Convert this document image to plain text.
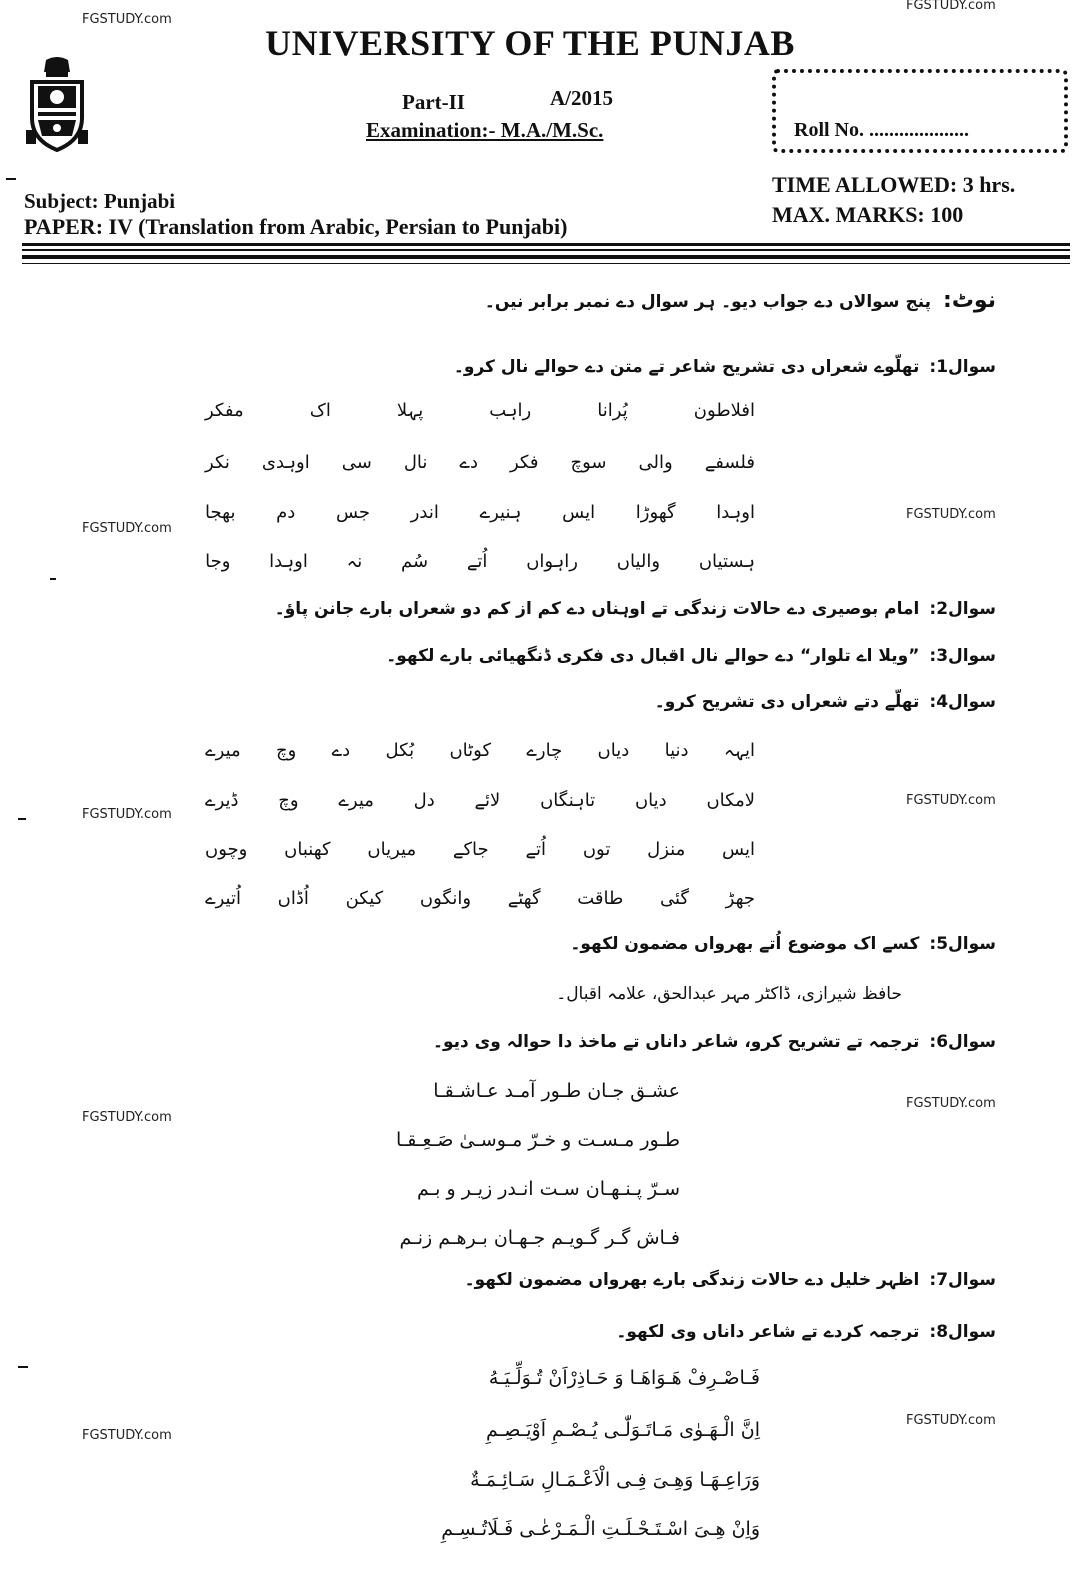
FGSTUDY.com
FGSTUDY.com
FGSTUDY.com
FGSTUDY.com
FGSTUDY.com
FGSTUDY.com
FGSTUDY.com
FGSTUDY.com
FGSTUDY.com
FGSTUDY.com
UNIVERSITY OF THE PUNJAB
Part-II	A/2015
Examination:- M.A./M.Sc.	Roll No. ....................
Subject: Punjabi
PAPER: IV (Translation from Arabic, Persian to Punjabi)
TIME ALLOWED: 3 hrs.
MAX. MARKS: 100
نوٹ:پنج سوالاں دے جواب دیو۔ ہر سوال دے نمبر برابر نیں۔
سوال1:تھلّوے شعراں دی تشریح شاعر تے متن دے حوالے نال کرو۔
افلاطون
پُرانا
راہب
پہلا
اک
مفکر
فلسفے
والی
سوچ
فکر
دے
نال
سی
اوہدی
نکر
اوہدا
گھوڑا
ایس
ہنیرے
اندر
جس
دم
بھجا
ہستیاں
والیاں
راہواں
اُتے
سُم
نہ
اوہدا
وجا
سوال2:امام بوصیری دے حالات زندگی تے اوہناں دے کم از کم دو شعراں بارے جانن پاؤ۔
سوال3:”ویلا اے تلوار“ دے حوالے نال اقبال دی فکری ڈنگھیائی بارے لکھو۔
سوال4:تھلّے دتے شعراں دی تشریح کرو۔
ایہہ
دنیا
دیاں
چارے
کوٹاں
بُکل
دے
وچ
میرے
لامکاں
دیاں
تاہنگاں
لائے
دل
میرے
وچ
ڈیرے
ایس
منزل
توں
اُتے
جاکے
میریاں
کھنباں
وچوں
جھڑ
گئی
طاقت
گھٹے
وانگوں
کیکن
اُڈاں
اُتیرے
سوال5:کسے اک موضوع اُتے بھرواں مضمون لکھو۔
حافظ شیرازی، ڈاکٹر مہر عبدالحق، علامہ اقبال۔
سوال6:ترجمہ تے تشریح کرو، شاعر داناں تے ماخذ دا حوالہ وی دیو۔
عشـق جـان طـور آمـد عـاشـقـا
طـور مـسـت و خـرّ مـوسـیٰ صَـعِـقـا
سـرّ پـنـهـان سـت انـدر زیـر و بـم
فـاش گـر گـویـم جـهـان بـرهـم زنـم
سوال7:اظہر خلیل دے حالات زندگی بارے بھرواں مضمون لکھو۔
سوال8:ترجمہ کردے تے شاعر داناں وی لکھو۔
فَـاصْـرِفْ هَـوَاهَـا وَ حَـاذِرْاَنْ تُـوَلِّـيَـهُ
اِنَّ الْـهَـوٰى مَـاتَـوَلّٰـى يُـصْـمِ اَوْيَـصِـمِ
وَرَاعِـهَـا وَهِـىَ فِـى الْاَعْـمَـالِ سَـائِـمَـةٌ
وَاِنْ هِـىَ اسْـتَـحْـلَـتِ الْـمَـرْعٰـى فَـلَاتُـسِـمِ
